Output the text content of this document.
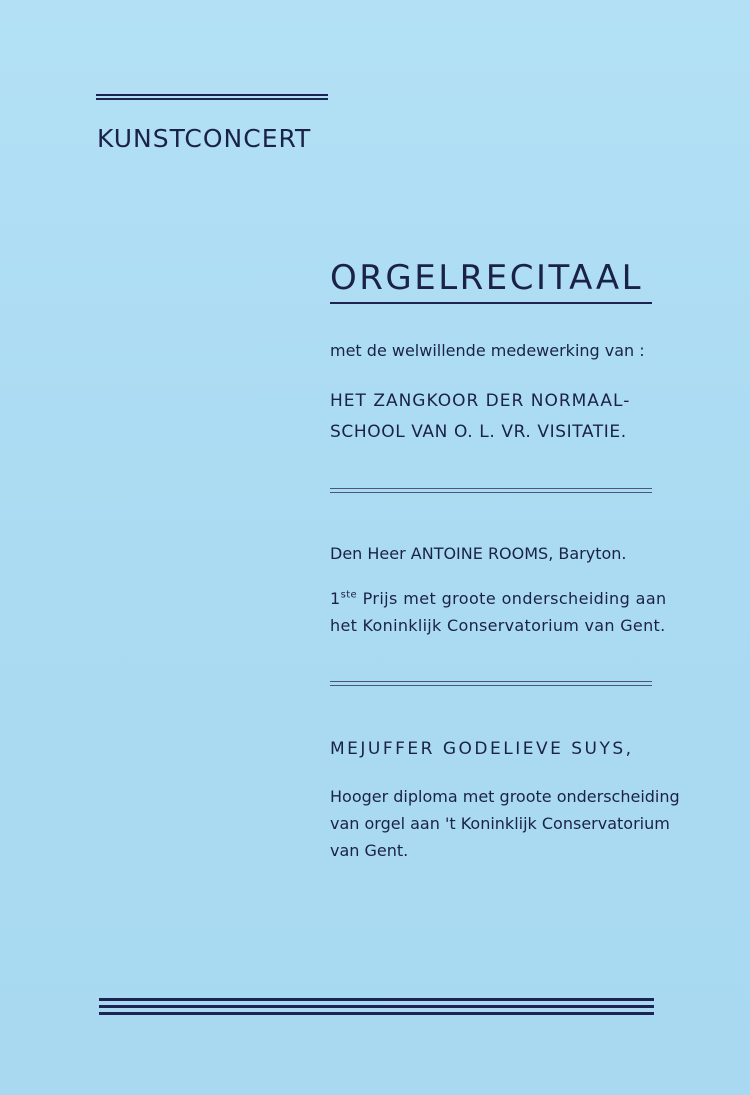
KUNSTCONCERT
ORGELRECITAAL
met de welwillende medewerking van :
HET ZANGKOOR DER NORMAAL-
SCHOOL VAN O. L. VR. VISITATIE.
Den Heer ANTOINE ROOMS, Baryton.
1ste Prijs met groote onderscheiding aan
het Koninklijk Conservatorium van Gent.
MEJUFFER GODELIEVE SUYS,
Hooger diploma met groote onderscheiding
van orgel aan 't Koninklijk Conservatorium
van Gent.
